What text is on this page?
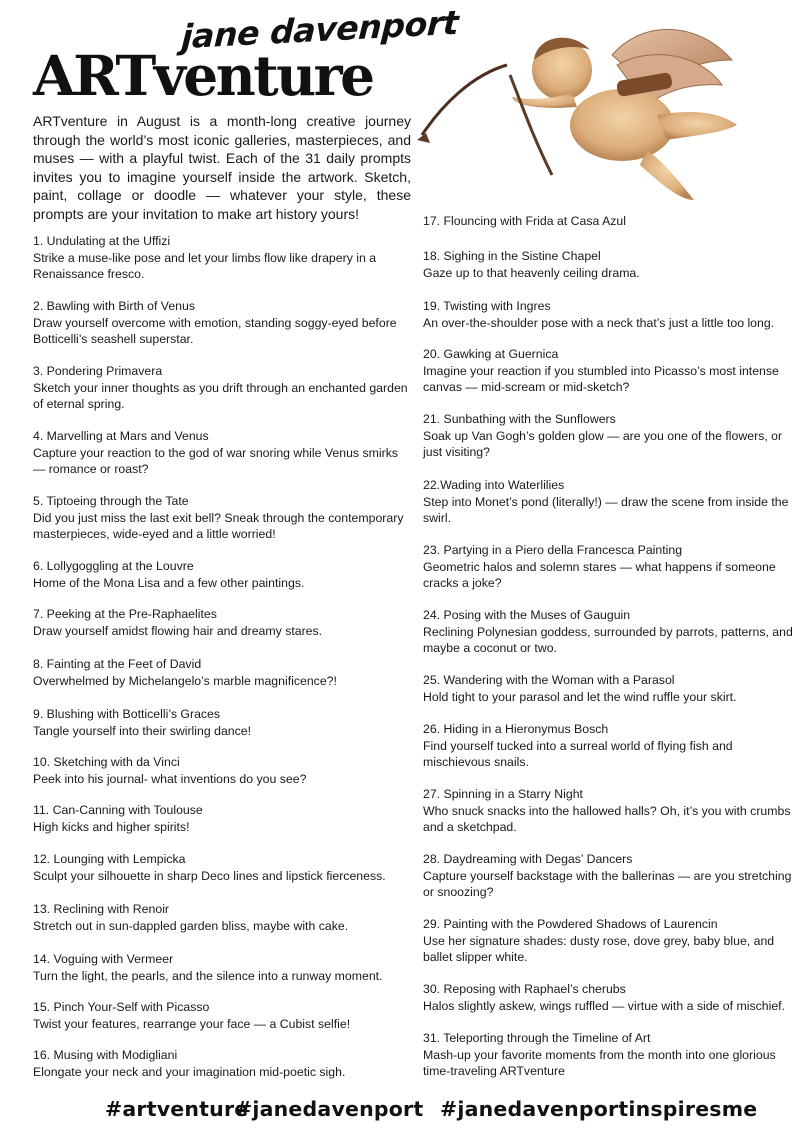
jane davenport
ARTventure
ARTventure in August is a month-long creative journey through the world’s most iconic galleries, masterpieces, and muses — with a playful twist. Each of the 31 daily prompts invites you to imagine yourself inside the artwork. Sketch, paint, collage or doodle — whatever your style, these prompts are your invitation to make art history yours!
1. Undulating at the Uffizi
Strike a muse-like pose and let your limbs flow like drapery in a Renaissance fresco.
2. Bawling with Birth of Venus
Draw yourself overcome with emotion, standing soggy-eyed before Botticelli’s seashell superstar.
3. Pondering Primavera
Sketch your inner thoughts as you drift through an enchanted garden of eternal spring.
4. Marvelling at Mars and Venus
Capture your reaction to the god of war snoring while Venus smirks — romance or roast?
5. Tiptoeing through the Tate
Did you just miss the last exit bell? Sneak through the contemporary masterpieces, wide-eyed and a little worried!
6. Lollygoggling at the Louvre
Home of the Mona Lisa and a few other paintings.
7. Peeking at the Pre-Raphaelites
Draw yourself amidst flowing hair and dreamy stares.
8. Fainting at the Feet of David
Overwhelmed by Michelangelo’s marble magnificence?!
9. Blushing with Botticelli’s Graces
Tangle yourself into their swirling dance!
10. Sketching with da Vinci
Peek into his journal- what inventions do you see?
11. Can-Canning with Toulouse
High kicks and higher spirits!
12. Lounging with Lempicka
Sculpt your silhouette in sharp Deco lines and lipstick fierceness.
13. Reclining with Renoir
Stretch out in sun-dappled garden bliss, maybe with cake.
14. Voguing with Vermeer
Turn the light, the pearls, and the silence into a runway moment.
15. Pinch Your-Self with Picasso
Twist your features, rearrange your face — a Cubist selfie!
16. Musing with Modigliani
Elongate your neck and your imagination mid-poetic sigh.
17. Flouncing with Frida at Casa Azul
18. Sighing in the Sistine Chapel
Gaze up to that heavenly ceiling drama.
19. Twisting with Ingres
An over-the-shoulder pose with a neck that’s just a little too long.
20. Gawking at Guernica
Imagine your reaction if you stumbled into Picasso’s most intense canvas — mid-scream or mid-sketch?
21. Sunbathing with the Sunflowers
Soak up Van Gogh’s golden glow — are you one of the flowers, or just visiting?
22.Wading into Waterlilies
Step into Monet’s pond (literally!) — draw the scene from inside the swirl.
23. Partying in a Piero della Francesca Painting
Geometric halos and solemn stares — what happens if someone cracks a joke?
24. Posing with the Muses of Gauguin
Reclining Polynesian goddess, surrounded by parrots, patterns, and maybe a coconut or two.
25. Wandering with the Woman with a Parasol
Hold tight to your parasol and let the wind ruffle your skirt.
26. Hiding in a Hieronymus Bosch
Find yourself tucked into a surreal world of flying fish and mischievous snails.
27. Spinning in a Starry Night
Who snuck snacks into the hallowed halls? Oh, it’s you with crumbs and a sketchpad.
28. Daydreaming with Degas’ Dancers
Capture yourself backstage with the ballerinas — are you stretching or snoozing?
29. Painting with the Powdered Shadows of Laurencin
Use her signature shades: dusty rose, dove grey, baby blue, and ballet slipper white.
30. Reposing with Raphael’s cherubs
Halos slightly askew, wings ruffled — virtue with a side of mischief.
31. Teleporting through the Timeline of Art
Mash-up your favorite moments from the month into one glorious time-traveling ARTventure
#artventure
#janedavenport #janedavenportinspiresme
